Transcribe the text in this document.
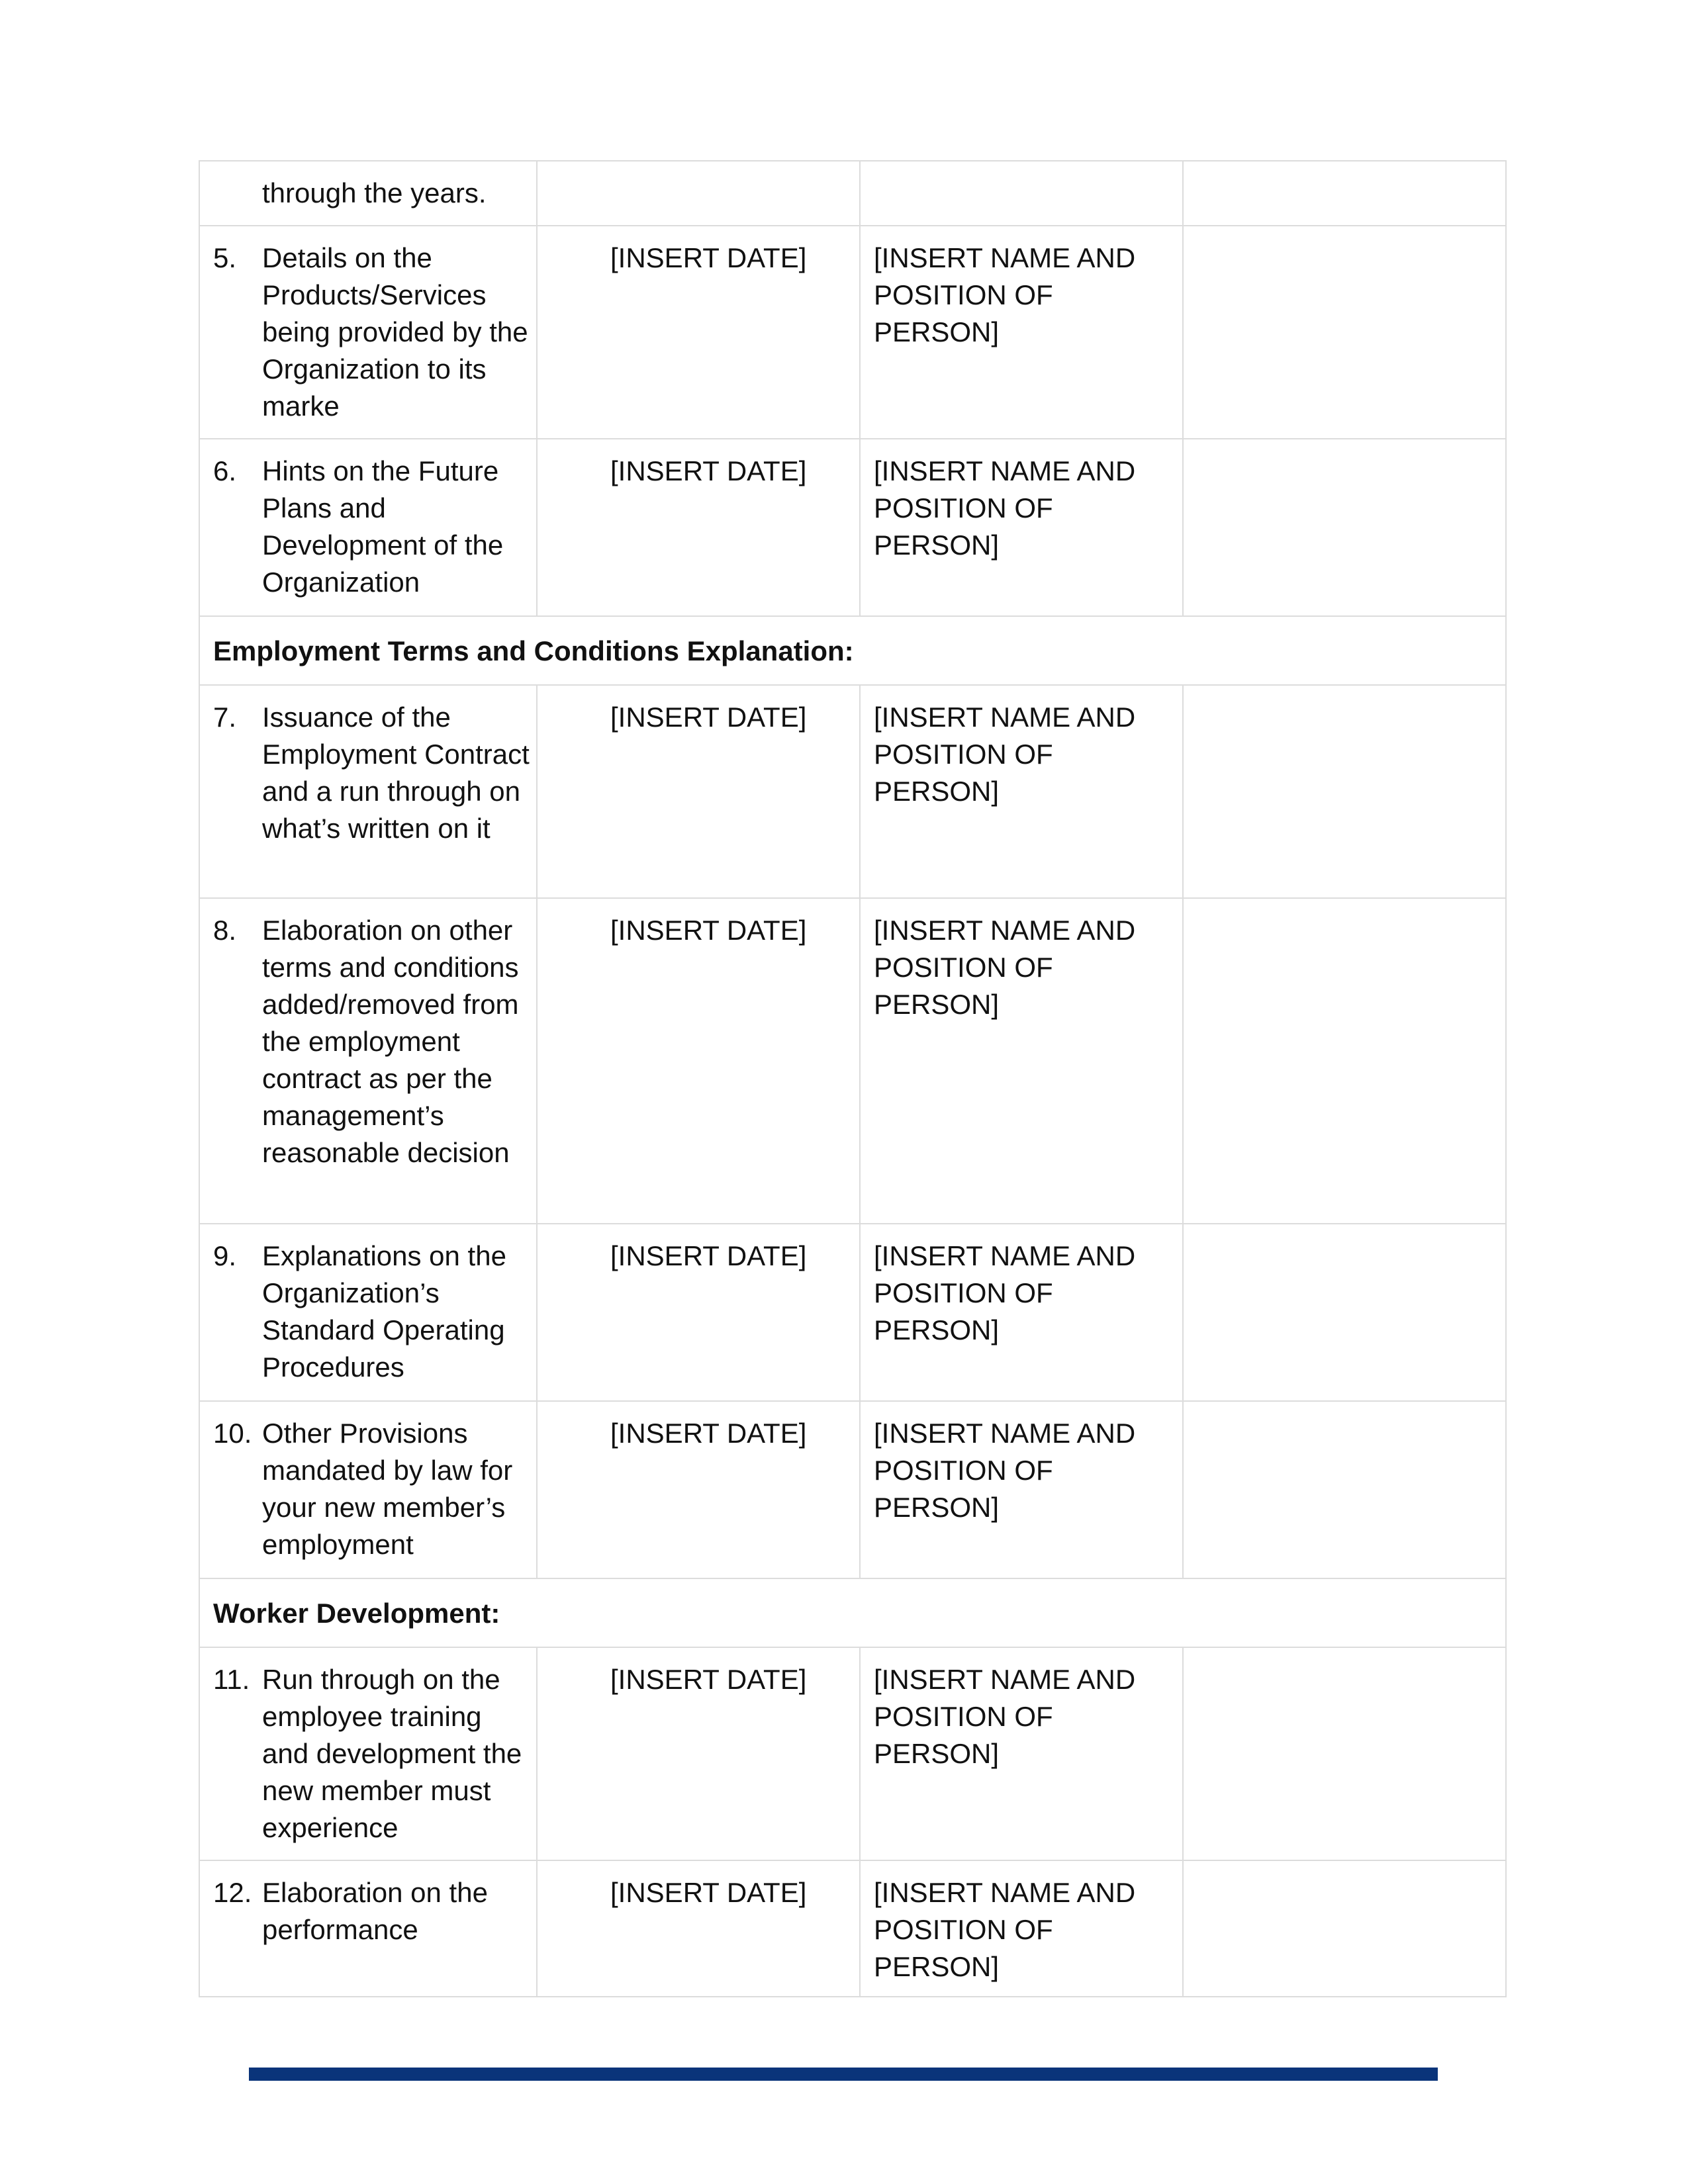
through the years.			

5. Details on the Products/Services being provided by the Organization to its marke	[INSERT DATE]	[INSERT NAME AND POSITION OF PERSON]	

6. Hints on the Future Plans and Development of the Organization	[INSERT DATE]	[INSERT NAME AND POSITION OF PERSON]	
Employment Terms and Conditions Explanation:			

7. Issuance of the Employment Contract and a run through on what’s written on it	[INSERT DATE]	[INSERT NAME AND POSITION OF PERSON]	

8. Elaboration on other terms and conditions added/removed from the employment contract as per the management’s reasonable decision	[INSERT DATE]	[INSERT NAME AND POSITION OF PERSON]	

9. Explanations on the Organization’s Standard Operating Procedures	[INSERT DATE]	[INSERT NAME AND POSITION OF PERSON]	

10. Other Provisions mandated by law for your new member’s employment	[INSERT DATE]	[INSERT NAME AND POSITION OF PERSON]	
Worker Development:			

11. Run through on the employee training and development the new member must experience	[INSERT DATE]	[INSERT NAME AND POSITION OF PERSON]	

12. Elaboration on the performance	[INSERT DATE]	[INSERT NAME AND POSITION OF PERSON]	
